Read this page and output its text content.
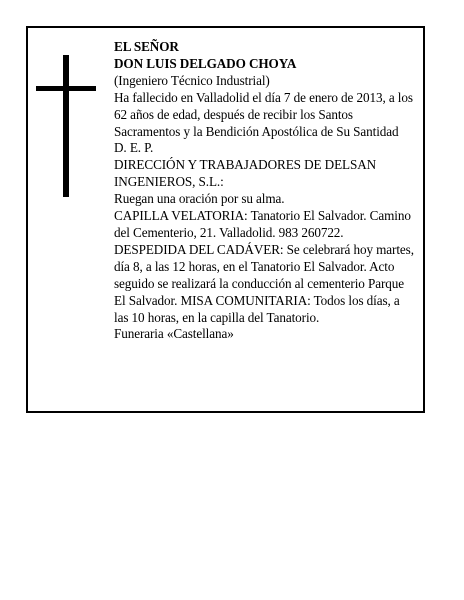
EL SEÑOR

DON LUIS DELGADO CHOYA

(Ingeniero Técnico Industrial)

Ha fallecido en Valladolid el día 7 de enero de 2013, a los 62 años de edad, después de recibir los Santos Sacramentos y la Bendición Apostólica de Su Santidad

D. E. P.

DIRECCIÓN Y TRABAJADORES DE DELSAN INGENIEROS, S.L.:

Ruegan una oración por su alma.

CAPILLA VELATORIA: Tanatorio El Salvador. Camino del Cementerio, 21. Valladolid. 983 260722.

DESPEDIDA DEL CADÁVER: Se celebrará hoy martes, día 8, a las 12 horas, en el Tanatorio El Salvador. Acto seguido se realizará la conducción al cementerio Parque El Salvador. MISA COMUNITARIA: Todos los días, a las 10 horas, en la capilla del Tanatorio.

Funeraria «Castellana»
